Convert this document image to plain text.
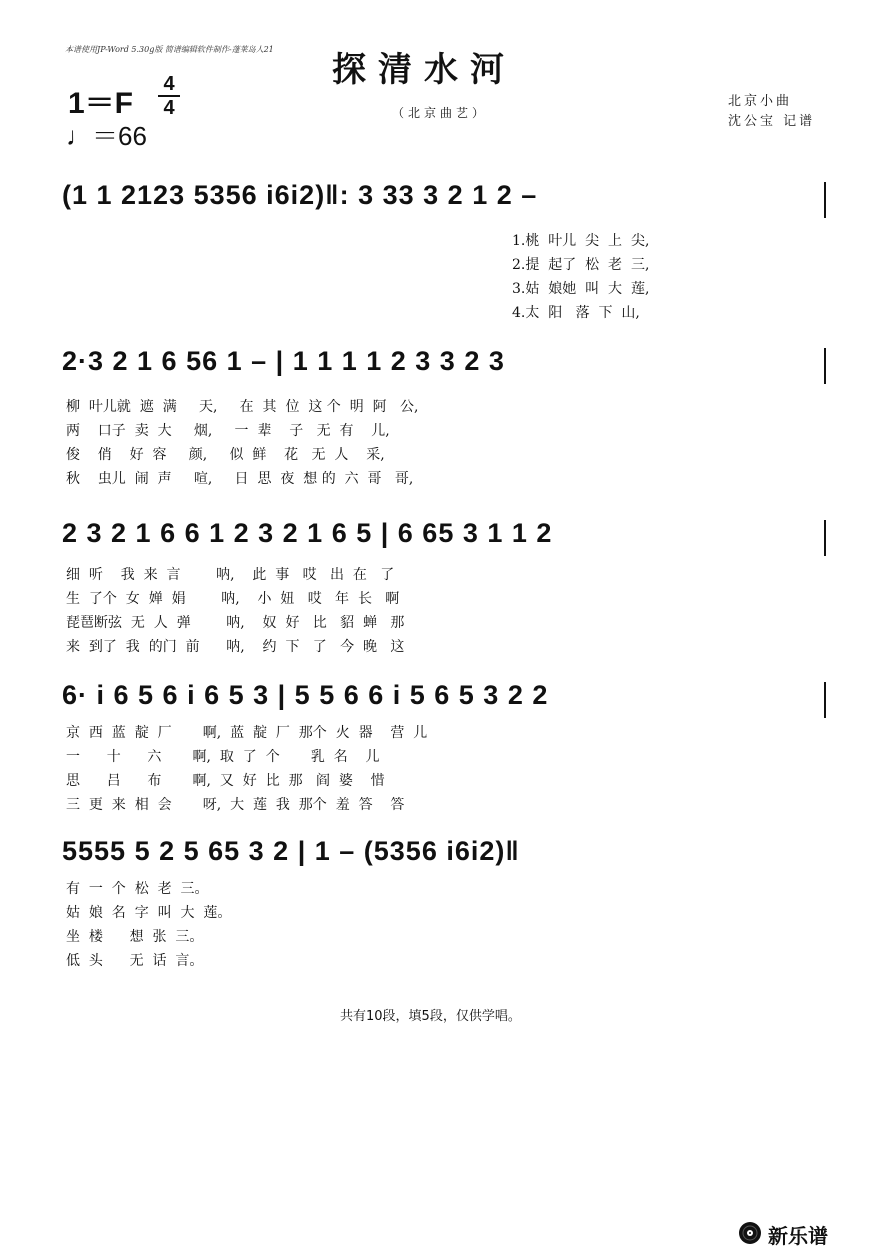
本谱使用JP-Word 5.30g版 简谱编辑软件制作-蓬莱岛人21
探清水河
（北京曲艺）
1＝F
4
4
♩＝66
北京小曲
沈公宝 记谱
(1 1 2123 5356 i6i2)‖: 3 33 3 2 1 2 –
1.桃  叶儿  尖  上  尖,
2.提  起了  松  老  三,
3.姑  娘她  叫  大  莲,
4.太  阳   落  下  山,
2·3 2 1 6 56 1 – | 1 1 1 1 2 3 3 2 3
柳  叶儿就  遮  满     天,     在  其  位  这 个  明  阿   公,
两    口子  卖  大     烟,     一  辈    子   无  有    儿,
俊    俏    好  容     颜,     似  鲜    花   无  人    采,
秋    虫儿  闹  声     喧,     日  思  夜  想 的  六  哥   哥,
2 3 2 1 6 6 1 2 3 2 1 6 5 | 6 65 3 1 1 2
细  听    我  来  言        呐,    此  事   哎   出  在   了
生  了个  女  婵  娟        呐,    小  妞   哎   年  长   啊
琵琶断弦  无  人  弹        呐,    奴  好   比   貂  蝉   那
来  到了  我  的门  前      呐,    约  下   了   今  晚   这
6· i 6 5 6 i 6 5 3 | 5 5 6 6 i 5 6 5 3 2 2
京  西  蓝  靛  厂       啊,  蓝  靛  厂  那个  火  器    营  儿
一      十      六       啊,  取  了  个       乳  名    儿
思      吕      布       啊,  又  好  比  那   阎  婆    惜
三  更  来  相  会       呀,  大  莲  我  那个  羞  答    答
5555 5 2 5 65 3 2 | 1 – (5356 i6i2)‖
有  一  个  松  老  三。
姑  娘  名  字  叫  大  莲。
坐  楼      想  张  三。
低  头      无  话  言。
共有10段，填5段，仅供学唱。
新乐谱
